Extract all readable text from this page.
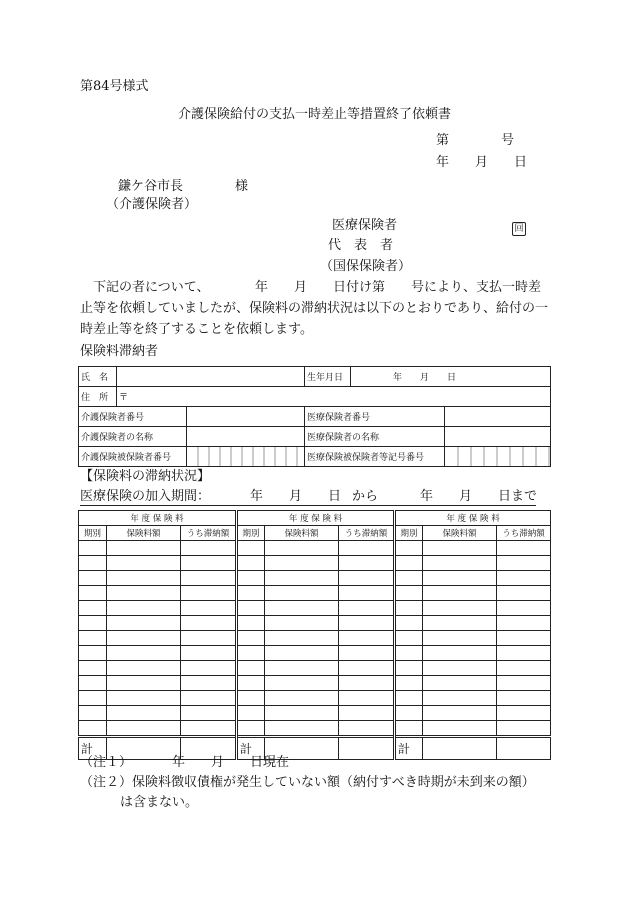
第84号様式
介護保険給付の支払一時差止等措置終了依頼書
第　　　　号
年　　月　　日
鎌ケ谷市長　　　　様
（介護保険者）
医療保険者	回
代　表　者
（国保保険者）
下記の者について、　　　　年　　月　　日付け第　　号により、支払一時差
止等を依頼していましたが、保険料の滞納状況は以下のとおりであり、給付の一
時差止等を終了することを依頼します。
保険料滞納者
氏　名			生年月日	年　　月　　日	
住　所	〒				
介護保険者番号			医療保険者番号		
介護保険者の名称			医療保険者の名称		
介護保険被保険者番号			医療保険被保険者等記号番号		
【保険料の滞納状況】
医療保険の加入期間：	年　　月　　日 から	年　　月　　日まで
年 度 保 険 料			年 度 保 険 料			年 度 保 険 料		
期別	保険料額	うち滞納額	期別	保険料額	うち滞納額	期別	保険料額	うち滞納額

計			計			計		
（注１）	年　　月　　日現在
（注２） 保険料徴収債権が発生していない額（納付すべき時期が未到来の額）
は含まない。
